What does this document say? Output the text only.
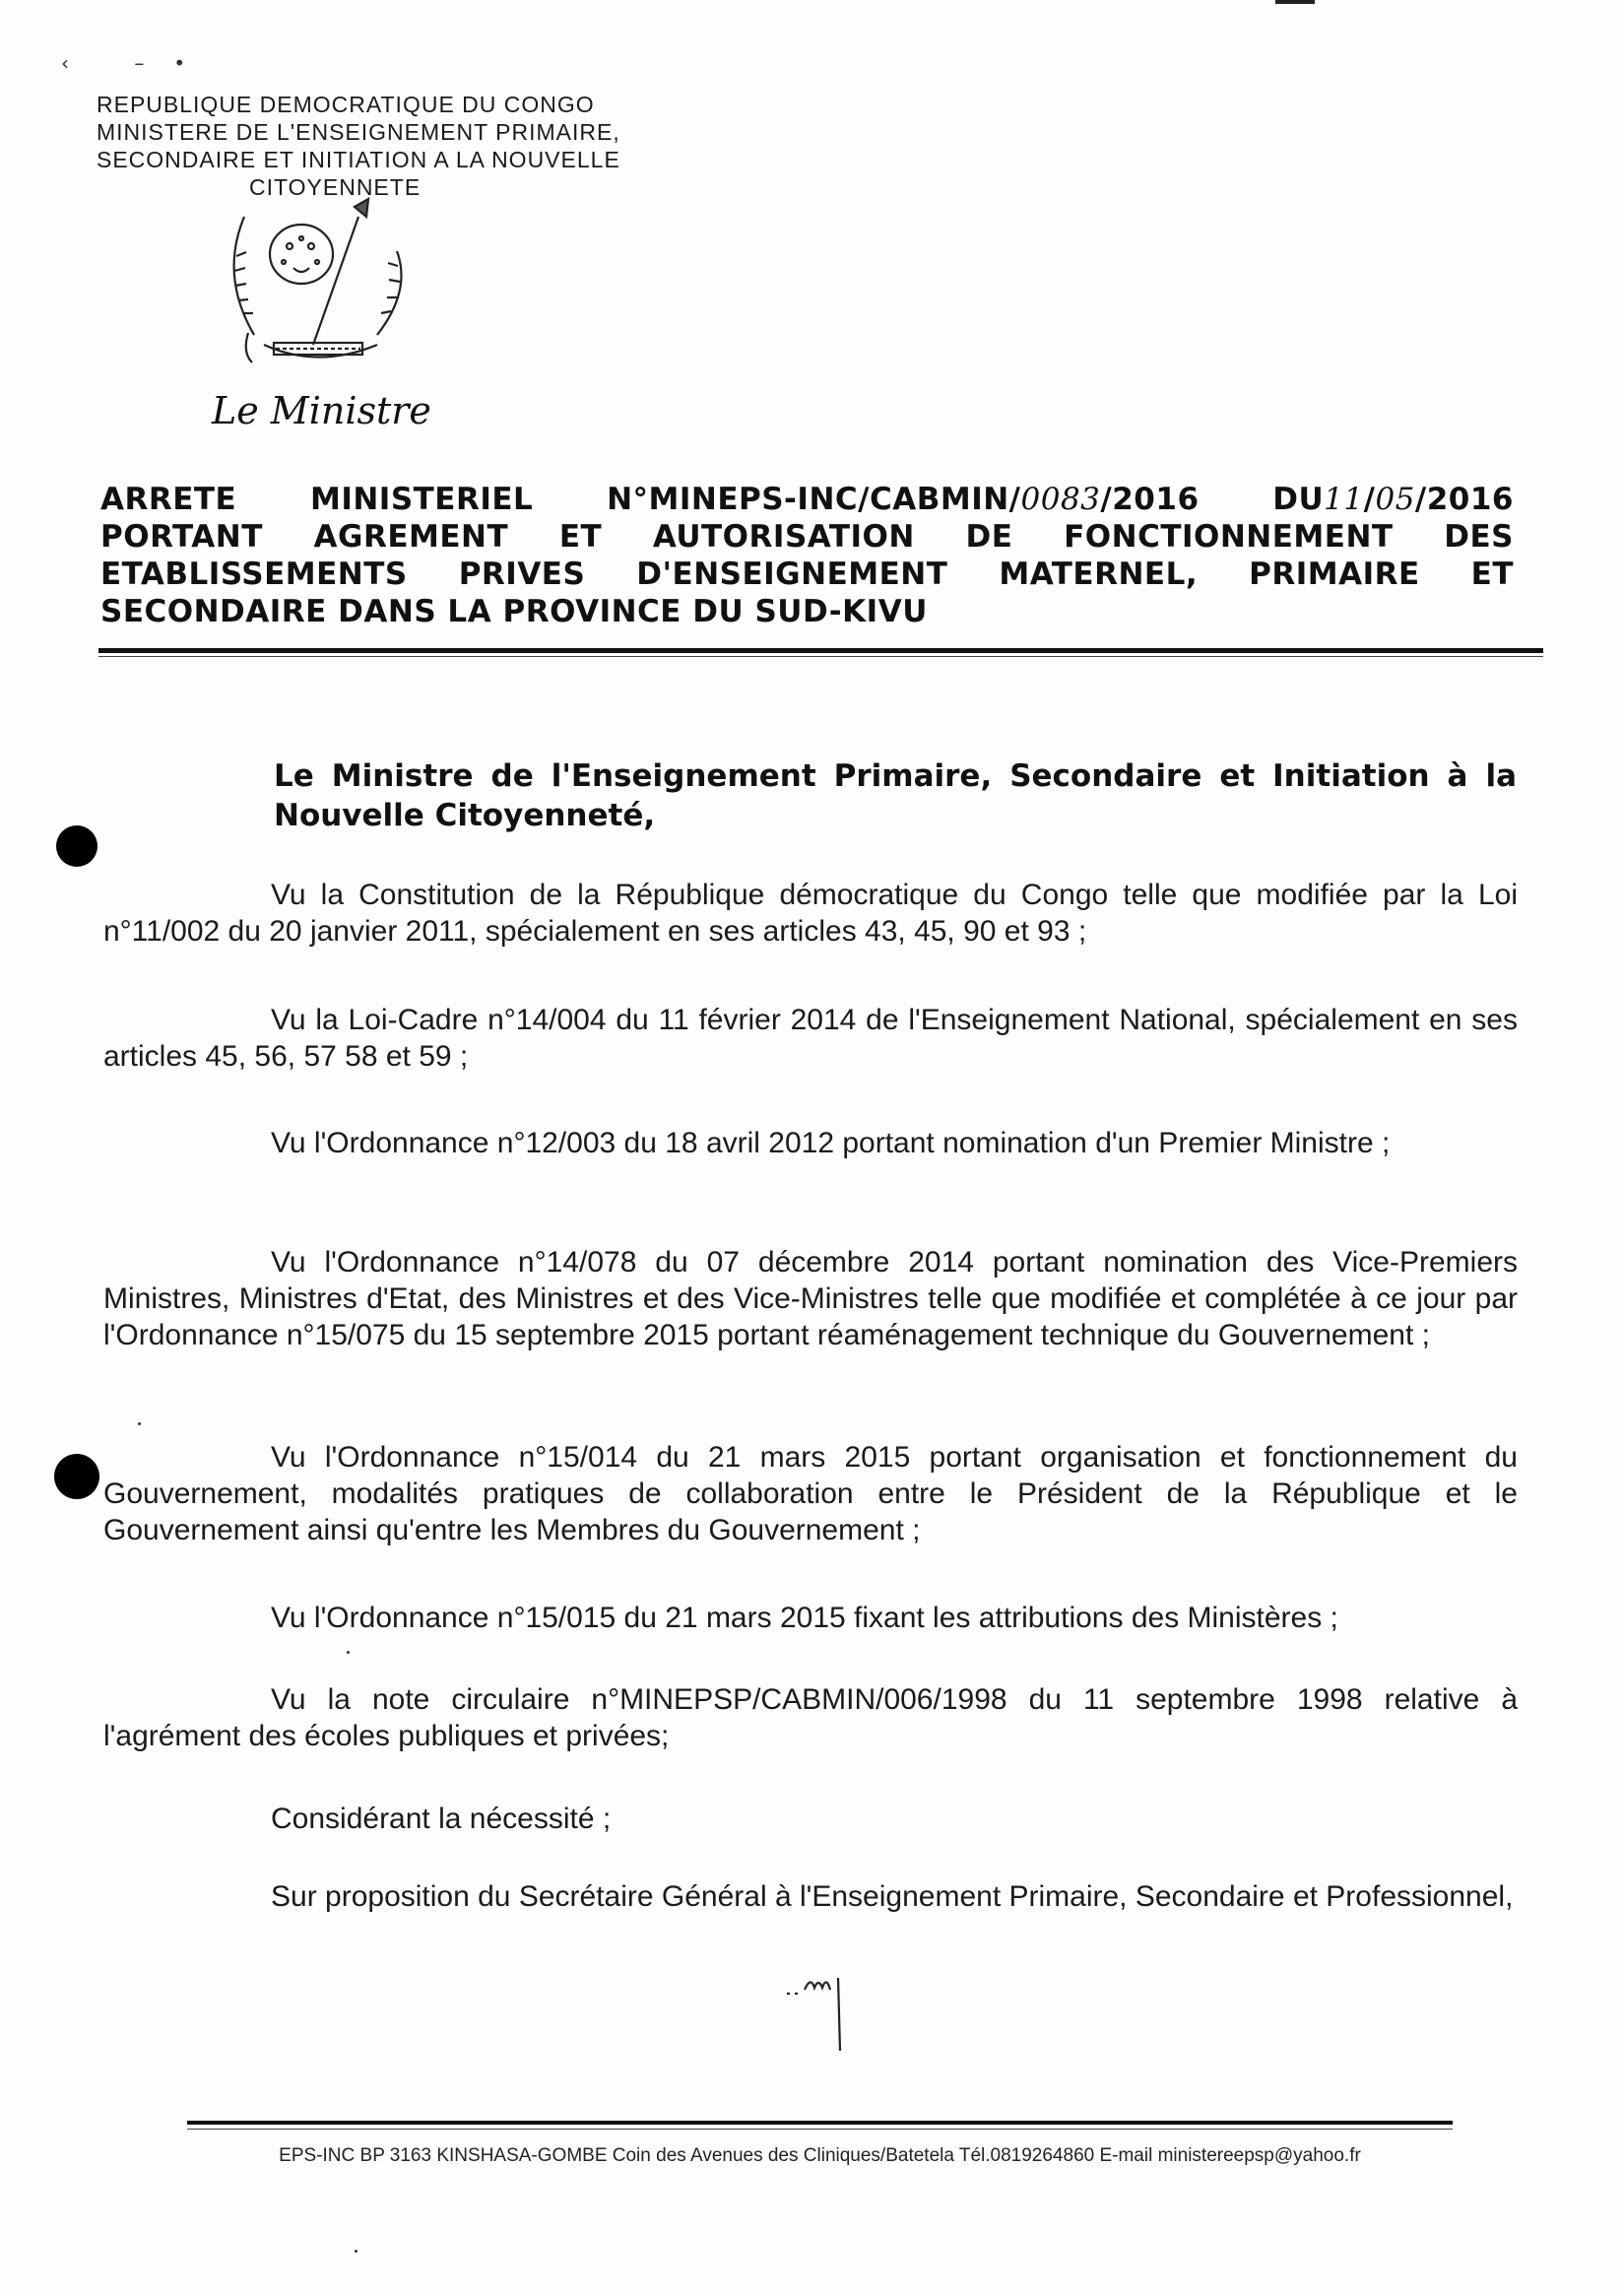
‹ –•
REPUBLIQUE DEMOCRATIQUE DU CONGO
MINISTERE DE L'ENSEIGNEMENT PRIMAIRE,
SECONDAIRE ET INITIATION A LA NOUVELLE
CITOYENNETE
Le Ministre
ARRETE MINISTERIEL N°MINEPS-INC/CABMIN/0083/2016 DU11/05/2016
PORTANT AGREMENT ET AUTORISATION DE FONCTIONNEMENT DES
ETABLISSEMENTS PRIVES D'ENSEIGNEMENT MATERNEL, PRIMAIRE ET
SECONDAIRE DANS LA PROVINCE DU SUD-KIVU
Le Ministre de l'Enseignement Primaire, Secondaire et Initiation à la Nouvelle Citoyenneté,
Vu la Constitution de la République démocratique du Congo telle que modifiée par la Loi n°11/002 du 20 janvier 2011, spécialement en ses articles 43, 45, 90 et 93 ;
Vu la Loi-Cadre n°14/004 du 11 février 2014 de l'Enseignement National, spécialement en ses articles 45, 56, 57 58 et 59 ;
Vu l'Ordonnance n°12/003 du 18 avril 2012 portant nomination d'un Premier Ministre ;
Vu l'Ordonnance n°14/078 du 07 décembre 2014 portant nomination des Vice-Premiers Ministres, Ministres d'Etat, des Ministres et des Vice-Ministres telle que modifiée et complétée à ce jour par l'Ordonnance n°15/075 du 15 septembre 2015 portant réaménagement technique du Gouvernement ;
Vu l'Ordonnance n°15/014 du 21 mars 2015 portant organisation et fonctionnement du Gouvernement, modalités pratiques de collaboration entre le Président de la République et le Gouvernement ainsi qu'entre les Membres du Gouvernement ;
Vu l'Ordonnance n°15/015 du 21 mars 2015 fixant les attributions des Ministères ;
Vu la note circulaire n°MINEPSP/CABMIN/006/1998 du 11 septembre 1998 relative à l'agrément des écoles publiques et privées;
Considérant la nécessité ;
Sur proposition du Secrétaire Général à l'Enseignement Primaire, Secondaire et Professionnel,
EPS-INC BP 3163 KINSHASA-GOMBE Coin des Avenues des Cliniques/Batetela Tél.0819264860 E-mail ministereepsp@yahoo.fr
